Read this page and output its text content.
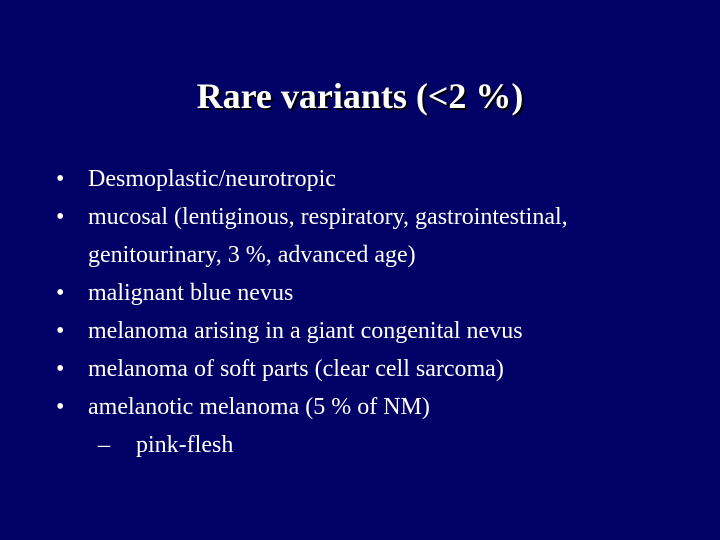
Rare variants (<2 %)
• Desmoplastic/neurotropic
• mucosal (lentiginous, respiratory, gastrointestinal, genitourinary, 3 %, advanced age)
• malignant blue nevus
• melanoma arising in a giant congenital nevus
• melanoma of soft parts (clear cell sarcoma)
• amelanotic melanoma (5 % of NM)
– pink-flesh
